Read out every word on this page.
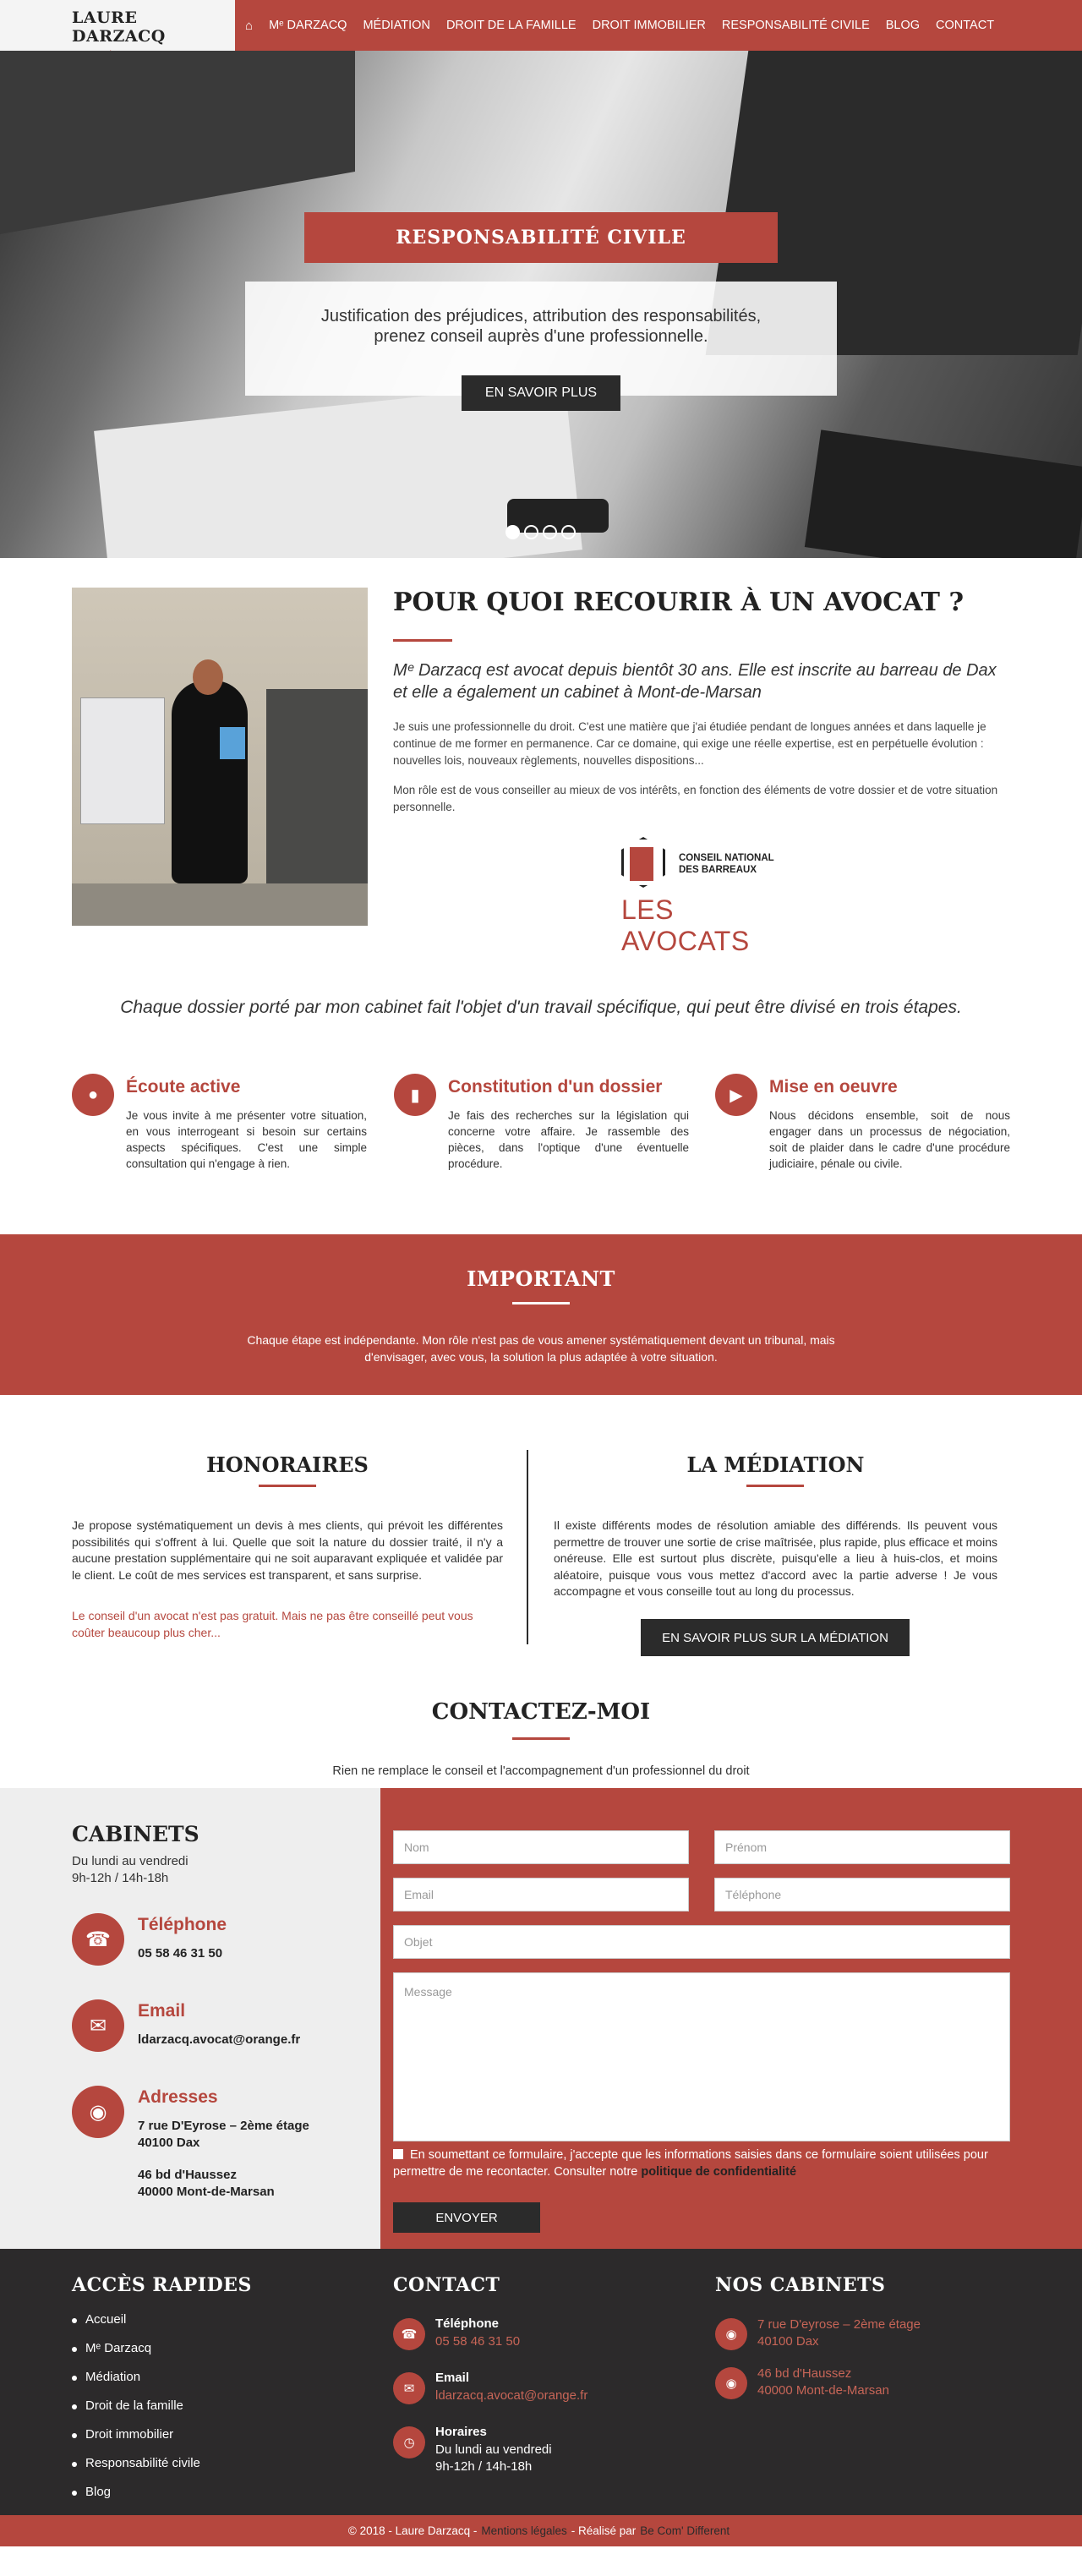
LAURE DARZACQ
⌂ Mᵉ DARZACQ MÉDIATION DROIT DE LA FAMILLE DROIT IMMOBILIER RESPONSABILITÉ CIVILE BLOG CONTACT
RESPONSABILITÉ CIVILE
Justification des préjudices, attribution des responsabilités, prenez conseil auprès d'une professionnelle.
EN SAVOIR PLUS
POUR QUOI RECOURIR À UN AVOCAT ?

Mᵉ Darzacq est avocat depuis bientôt 30 ans. Elle est inscrite au barreau de Dax et elle a également un cabinet à Mont-de-Marsan

Je suis une professionnelle du droit. C'est une matière que j'ai étudiée pendant de longues années et dans laquelle je continue de me former en permanence. Car ce domaine, qui exige une réelle expertise, est en perpétuelle évolution : nouvelles lois, nouveaux règlements, nouvelles dispositions...

Mon rôle est de vous conseiller au mieux de vos intérêts, en fonction des éléments de votre dossier et de votre situation personnelle.

CONSEIL NATIONAL
DES BARREAUX
LES AVOCATS

Chaque dossier porté par mon cabinet fait l'objet d'un travail spécifique, qui peut être divisé en trois étapes.

●	Écoute active
Je vous invite à me présenter votre situation, en vous interrogeant si besoin sur certains aspects spécifiques. C'est une simple consultation qui n'engage à rien.
▮	Constitution d'un dossier
Je fais des recherches sur la législation qui concerne votre affaire. Je rassemble des pièces, dans l'optique d'une éventuelle procédure.
▶	Mise en oeuvre
Nous décidons ensemble, soit de nous engager dans un processus de négociation, soit de plaider dans le cadre d'une procédure judiciaire, pénale ou civile.
IMPORTANT

Chaque étape est indépendante. Mon rôle n'est pas de vous amener systématiquement devant un tribunal, mais d'envisager, avec vous, la solution la plus adaptée à votre situation.

HONORAIRES

Je propose systématiquement un devis à mes clients, qui prévoit les différentes possibilités qui s'offrent à lui. Quelle que soit la nature du dossier traité, il n'y a aucune prestation supplémentaire qui ne soit auparavant expliquée et validée par le client. Le coût de mes services est transparent, et sans surprise.

Le conseil d'un avocat n'est pas gratuit. Mais ne pas être conseillé peut vous coûter beaucoup plus cher...

LA MÉDIATION

Il existe différents modes de résolution amiable des différends. Ils peuvent vous permettre de trouver une sortie de crise maîtrisée, plus rapide, plus efficace et moins onéreuse. Elle est surtout plus discrète, puisqu'elle a lieu à huis-clos, et moins aléatoire, puisque vous vous mettez d'accord avec la partie adverse ! Je vous accompagne et vous conseille tout au long du processus.

EN SAVOIR PLUS SUR LA MÉDIATION
CONTACTEZ-MOI

Rien ne remplace le conseil et l'accompagnement d'un professionnel du droit

CABINETS
Du lundi au vendredi
9h-12h / 14h-18h
☎
Téléphone
05 58 46 31 50
✉
Email
ldarzacq.avocat@orange.fr
◉
Adresses
7 rue D'Eyrose – 2ème étage
40100 Dax
46 bd d'Haussez
40000 Mont-de-Marsan
Nom	Prénom
Email	Téléphone
Objet
Message
En soumettant ce formulaire, j'accepte que les informations saisies dans ce formulaire soient utilisées pour permettre de me recontacter. Consulter notre politique de confidentialité
ENVOYER
ACCÈS RAPIDES
Accueil
Mᵉ Darzacq
Médiation
Droit de la famille
Droit immobilier
Responsabilité civile
Blog
CONTACT
☎
Téléphone
05 58 46 31 50
✉
Email
ldarzacq.avocat@orange.fr
◷
Horaires
Du lundi au vendredi
9h-12h / 14h-18h
NOS CABINETS
◉
7 rue D'eyrose – 2ème étage
40100 Dax
◉
46 bd d'Haussez
40000 Mont-de-Marsan
© 2018 - Laure Darzacq - Mentions légales - Réalisé par Be Com' Different
